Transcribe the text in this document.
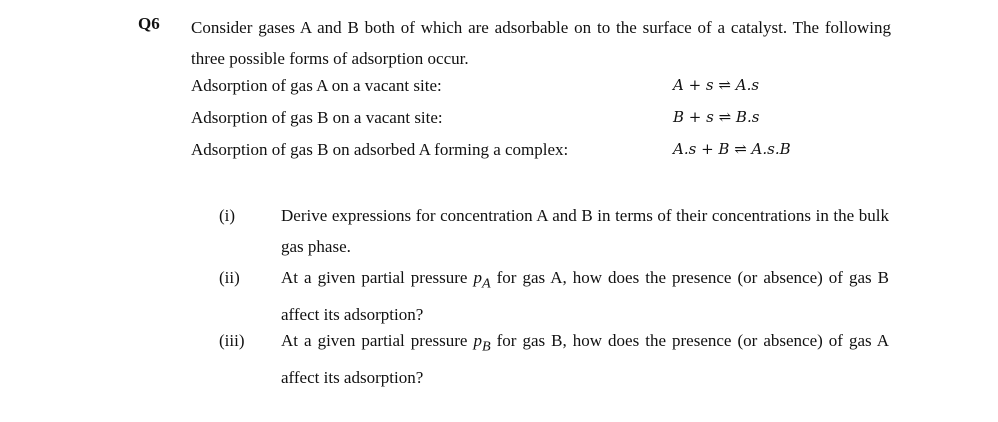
Q6 Consider gases A and B both of which are adsorbable on to the surface of a catalyst. The following three possible forms of adsorption occur.
Adsorption of gas A on a vacant site:	A + s ⇌ A.s
Adsorption of gas B on a vacant site:	B + s ⇌ B.s
Adsorption of gas B on adsorbed A forming a complex:	A.s + B ⇌ A.s.B
(i)	Derive expressions for concentration A and B in terms of their concentrations in the bulk gas phase.
(ii) At a given partial pressure $p_A$ for gas A, how does the presence (or absence) of gas B affect its adsorption?
(iii) At a given partial pressure $p_B$ for gas B, how does the presence (or absence) of gas A affect its adsorption?
